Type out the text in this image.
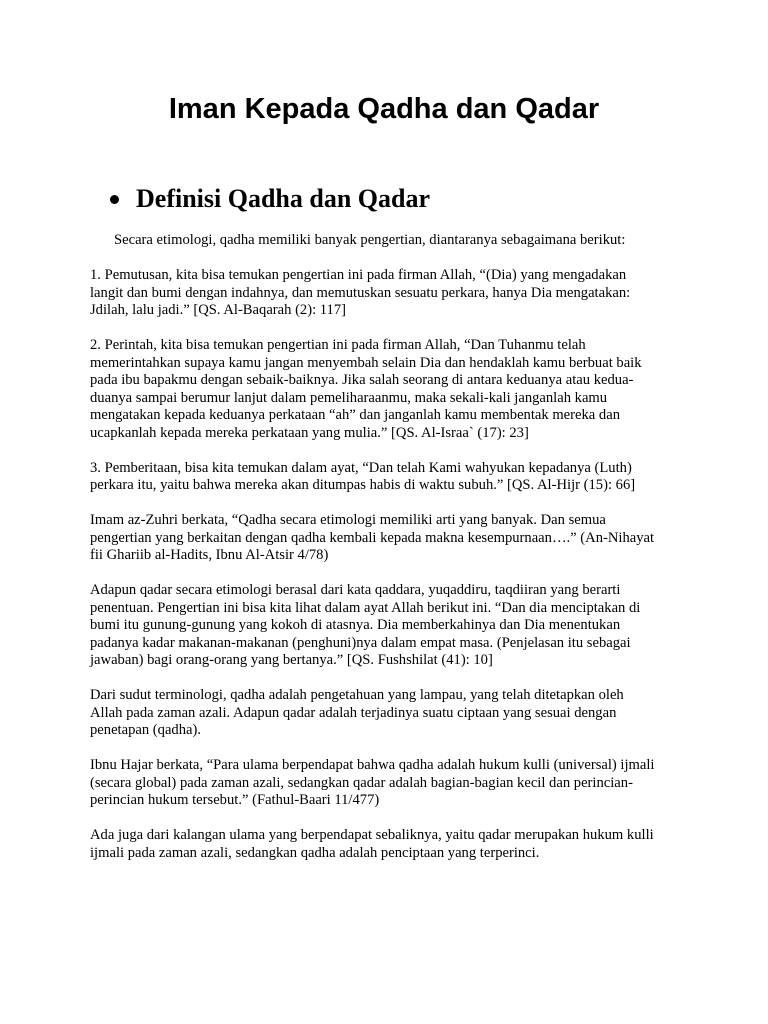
Iman Kepada Qadha dan Qadar
Definisi Qadha dan Qadar

Secara etimologi, qadha memiliki banyak pengertian, diantaranya sebagaimana berikut:

1. Pemutusan, kita bisa temukan pengertian ini pada firman Allah, “(Dia) yang mengadakan
langit dan bumi dengan indahnya, dan memutuskan sesuatu perkara, hanya Dia mengatakan:
Jdilah, lalu jadi.” [QS. Al-Baqarah (2): 117]

2. Perintah, kita bisa temukan pengertian ini pada firman Allah, “Dan Tuhanmu telah
memerintahkan supaya kamu jangan menyembah selain Dia dan hendaklah kamu berbuat baik
pada ibu bapakmu dengan sebaik-baiknya. Jika salah seorang di antara keduanya atau kedua-
duanya sampai berumur lanjut dalam pemeliharaanmu, maka sekali-kali janganlah kamu
mengatakan kepada keduanya perkataan “ah” dan janganlah kamu membentak mereka dan
ucapkanlah kepada mereka perkataan yang mulia.” [QS. Al-Israa` (17): 23]

3. Pemberitaan, bisa kita temukan dalam ayat, “Dan telah Kami wahyukan kepadanya (Luth)
perkara itu, yaitu bahwa mereka akan ditumpas habis di waktu subuh.” [QS. Al-Hijr (15): 66]

Imam az-Zuhri berkata, “Qadha secara etimologi memiliki arti yang banyak. Dan semua
pengertian yang berkaitan dengan qadha kembali kepada makna kesempurnaan….” (An-Nihayat
fii Ghariib al-Hadits, Ibnu Al-Atsir 4/78)

Adapun qadar secara etimologi berasal dari kata qaddara, yuqaddiru, taqdiiran yang berarti
penentuan. Pengertian ini bisa kita lihat dalam ayat Allah berikut ini. “Dan dia menciptakan di
bumi itu gunung-gunung yang kokoh di atasnya. Dia memberkahinya dan Dia menentukan
padanya kadar makanan-makanan (penghuni)nya dalam empat masa. (Penjelasan itu sebagai
jawaban) bagi orang-orang yang bertanya.” [QS. Fushshilat (41): 10]

Dari sudut terminologi, qadha adalah pengetahuan yang lampau, yang telah ditetapkan oleh
Allah pada zaman azali. Adapun qadar adalah terjadinya suatu ciptaan yang sesuai dengan
penetapan (qadha).

Ibnu Hajar berkata, “Para ulama berpendapat bahwa qadha adalah hukum kulli (universal) ijmali
(secara global) pada zaman azali, sedangkan qadar adalah bagian-bagian kecil dan perincian-
perincian hukum tersebut.” (Fathul-Baari 11/477)

Ada juga dari kalangan ulama yang berpendapat sebaliknya, yaitu qadar merupakan hukum kulli
ijmali pada zaman azali, sedangkan qadha adalah penciptaan yang terperinci.
